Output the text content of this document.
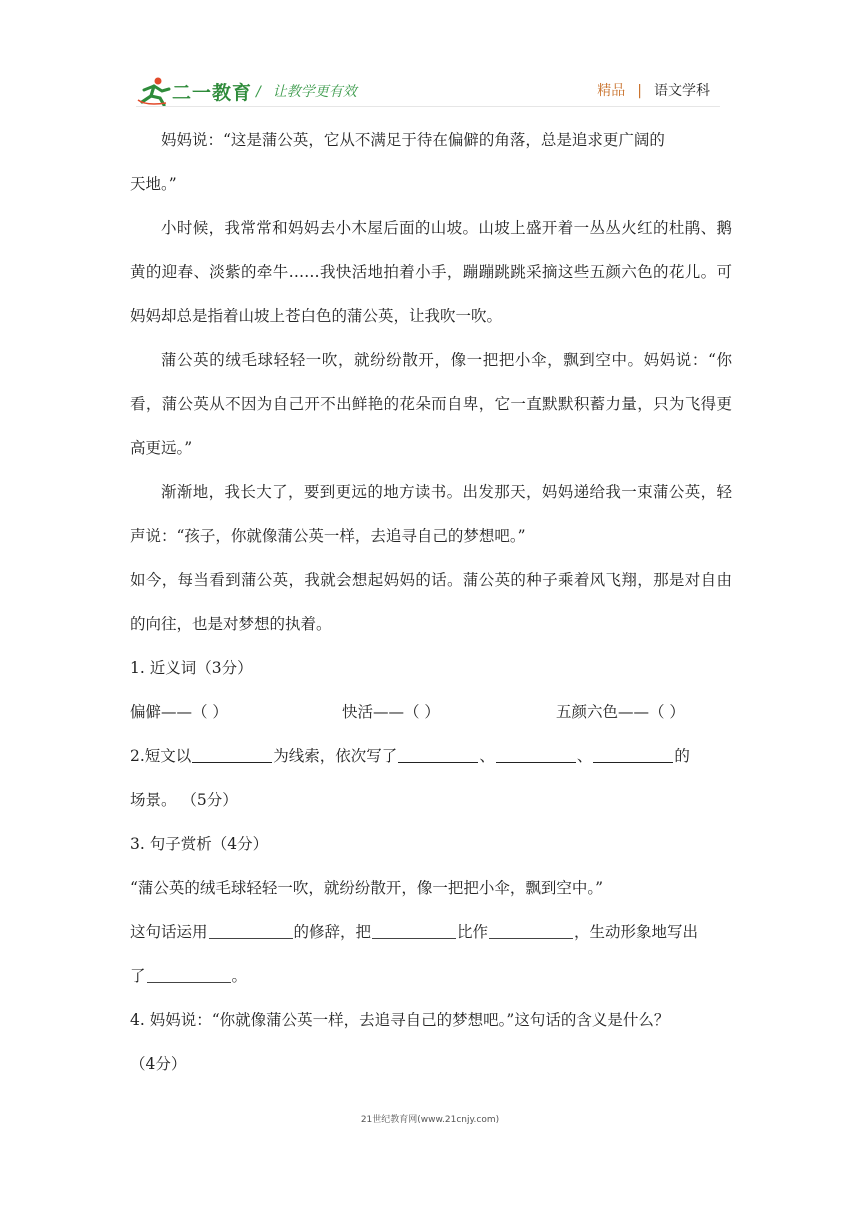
二一教育 / 让教学更有效	精品 | 语文学科
妈妈说：“这是蒲公英，它从不满足于待在偏僻的角落，总是追求更广阔的
天地。”

小时候，我常常和妈妈去小木屋后面的山坡。山坡上盛开着一丛丛火红的杜鹃、鹅黄的迎春、淡紫的牵牛……我快活地拍着小手，蹦蹦跳跳采摘这些五颜六色的花儿。可妈妈却总是指着山坡上苍白色的蒲公英，让我吹一吹。

蒲公英的绒毛球轻轻一吹，就纷纷散开，像一把把小伞，飘到空中。妈妈说：“你看，蒲公英从不因为自己开不出鲜艳的花朵而自卑，它一直默默积蓄力量，只为飞得更高更远。”

渐渐地，我长大了，要到更远的地方读书。出发那天，妈妈递给我一束蒲公英，轻声说：“孩子，你就像蒲公英一样，去追寻自己的梦想吧。”

如今，每当看到蒲公英，我就会想起妈妈的话。蒲公英的种子乘着风飞翔，那是对自由的向往，也是对梦想的执着。

1. 近义词（3分）
偏僻——（ ）	快活——（ ）	五颜六色——（ ）
2.短文以	为线索，依次写了	、	、	的
场景。 （5分）
3. 句子赏析（4分）
“蒲公英的绒毛球轻轻一吹，就纷纷散开，像一把把小伞，飘到空中。”
这句话运用	的修辞，把	比作	，生动形象地写出
了	。
4. 妈妈说：“你就像蒲公英一样，去追寻自己的梦想吧。”这句话的含义是什么？
（4分）
21世纪教育网(www.21cnjy.com)
